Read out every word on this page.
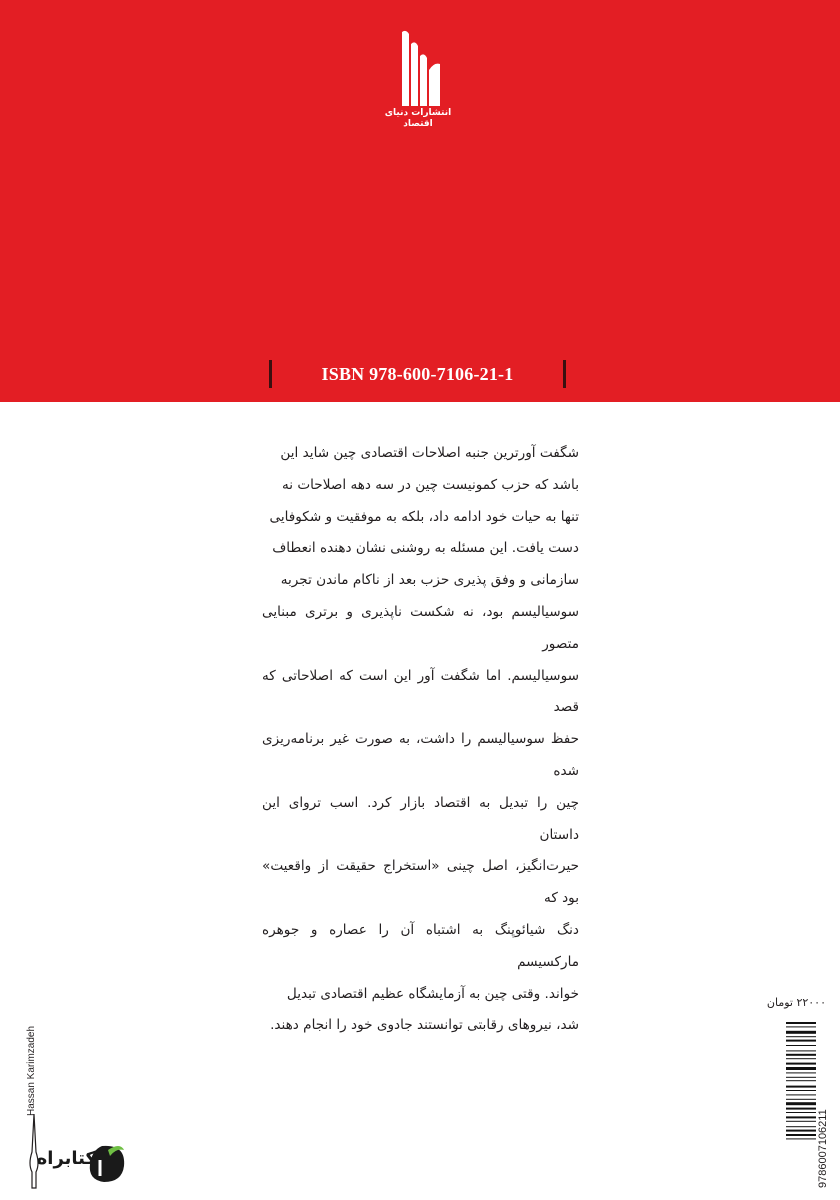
انتشارات دنیای اقتصاد
ISBN 978-600-7106-21-1
شگفت آورترین جنبه اصلاحات اقتصادی چین شاید این
باشد که حزب کمونیست چین در سه دهه اصلاحات نه
تنها به حیات خود ادامه داد، بلکه به موفقیت و شکوفایی
دست یافت. این مسئله به روشنی نشان دهنده انعطاف
سازمانی و وفق پذیری حزب بعد از ناکام ماندن تجربه
سوسیالیسم بود، نه شکست ناپذیری و برتری مبنایی متصور
سوسیالیسم. اما شگفت آور این است که اصلاحاتی که قصد
حفظ سوسیالیسم را داشت، به صورت غیر برنامه‌ریزی شده
چین را تبدیل به اقتصاد بازار کرد. اسب تروای این داستان
حیرت‌انگیز، اصل چینی «استخراج حقیقت از واقعیت» بود که
دنگ شیائوپنگ به اشتباه آن را عصاره و جوهره مارکسیسم
خواند. وقتی چین به آزمایشگاه عظیم اقتصادی تبدیل
شد، نیروهای رقابتی توانستند جادوی خود را انجام دهند.
۲۲۰۰۰ تومان
9786007106211
Hassan Karimzadeh
کتابراه
